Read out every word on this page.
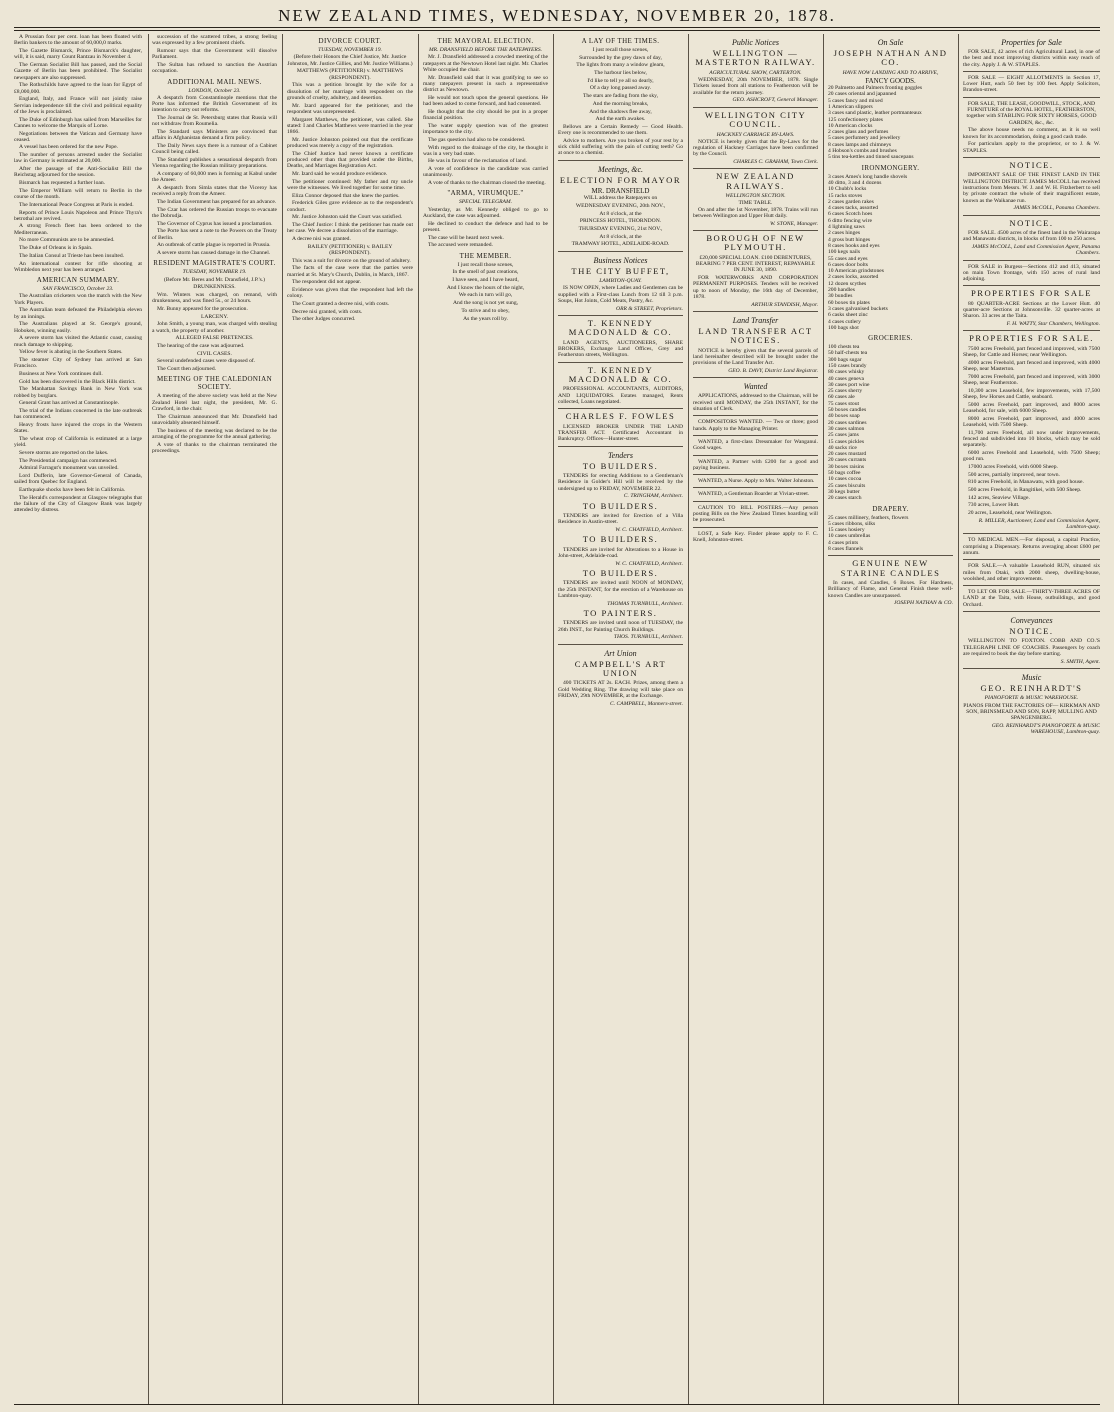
NEW ZEALAND TIMES, WEDNESDAY, NOVEMBER 20, 1878.

A Prussian four per cent. loan has been floated with Berlin bankers to the amount of 60,000,0 marks.

The Gazette Bismarck, Prince Bismarck's daughter, will, it is said, marry Count Rantzau in November 4.

The German Socialist Bill has passed, and the Social Gazette of Berlin has been prohibited. The Socialist newspapers are also suppressed.

The Rothschilds have agreed to the loan for Egypt of £8,000,000.

England, Italy, and France will not jointly raise Servian independence till the civil and political equality of the Jews is proclaimed.

The Duke of Edinburgh has sailed from Marseilles for Cannes to welcome the Marquis of Lorne.

Negotiations between the Vatican and Germany have ceased.

A vessel has been ordered for the new Pope.

The number of persons arrested under the Socialist law in Germany is estimated at 20,000.

After the passage of the Anti-Socialist Bill the Reichstag adjourned for the session.

Bismarck has requested a further loan.

The Emperor William will return to Berlin in the course of the month.

The International Peace Congress at Paris is ended.

Reports of Prince Louis Napoleon and Prince Thyra's betrothal are revived.

A strong French fleet has been ordered to the Mediterranean.

No more Communists are to be amnestied.

The Duke of Orleans is in Spain.

The Italian Consul at Trieste has been insulted.

An international contest for rifle shooting at Wimbledon next year has been arranged.

AMERICAN SUMMARY.
SAN FRANCISCO, October 23.

The Australian cricketers won the match with the New York Players.

The Australian team defeated the Philadelphia eleven by an innings.

The Australians played at St. George's ground, Hoboken, winning easily.

A severe storm has visited the Atlantic coast, causing much damage to shipping.

Yellow fever is abating in the Southern States.

The steamer City of Sydney has arrived at San Francisco.

Business at New York continues dull.

Gold has been discovered in the Black Hills district.

The Manhattan Savings Bank in New York was robbed by burglars.

General Grant has arrived at Constantinople.

The trial of the Indians concerned in the late outbreak has commenced.

Heavy frosts have injured the crops in the Western States.

The wheat crop of California is estimated at a large yield.

Severe storms are reported on the lakes.

The Presidential campaign has commenced.

Admiral Farragut's monument was unveiled.

Lord Dufferin, late Governor-General of Canada, sailed from Quebec for England.

Earthquake shocks have been felt in California.

The Herald's correspondent at Glasgow telegraphs that the failure of the City of Glasgow Bank was largely attended by distress.

succession of the scattered tribes, a strong feeling was expressed by a few prominent chiefs.

Rumour says that the Government will dissolve Parliament.

The Sultan has refused to sanction the Austrian occupation.

ADDITIONAL MAIL NEWS.
LONDON, October 23.

A despatch from Constantinople mentions that the Porte has informed the British Government of its intention to carry out reforms.

The Journal de St. Petersburg states that Russia will not withdraw from Roumelia.

The Standard says Ministers are convinced that affairs in Afghanistan demand a firm policy.

The Daily News says there is a rumour of a Cabinet Council being called.

The Standard publishes a sensational despatch from Vienna regarding the Russian military preparations.

A company of 60,000 men is forming at Kabul under the Ameer.

A despatch from Simla states that the Viceroy has received a reply from the Ameer.

The Indian Government has prepared for an advance.

The Czar has ordered the Russian troops to evacuate the Dobrudja.

The Governor of Cyprus has issued a proclamation.

The Porte has sent a note to the Powers on the Treaty of Berlin.

An outbreak of cattle plague is reported in Prussia.

A severe storm has caused damage in the Channel.

RESIDENT MAGISTRATE'S COURT.
TUESDAY, NOVEMBER 19.

(Before Mr. Beres and Mr. Dransfield, J.P.'s.)

DRUNKENNESS.

Wm. Winters was charged, on remand, with drunkenness, and was fined 5s., or 24 hours.

Mr. Bunny appeared for the prosecution.

LARCENY.

John Smith, a young man, was charged with stealing a watch, the property of another.

ALLEGED FALSE PRETENCES.

The hearing of the case was adjourned.

CIVIL CASES.

Several undefended cases were disposed of.

The Court then adjourned.

MEETING OF THE CALEDONIAN SOCIETY.

A meeting of the above society was held at the New Zealand Hotel last night, the president, Mr. G. Crawford, in the chair.

The Chairman announced that Mr. Dransfield had unavoidably absented himself.

The business of the meeting was declared to be the arranging of the programme for the annual gathering.

A vote of thanks to the chairman terminated the proceedings.

DIVORCE COURT.
TUESDAY, NOVEMBER 19.

(Before their Honors the Chief Justice, Mr. Justice Johnston, Mr. Justice Gillies, and Mr. Justice Williams.)

MATTHEWS (PETITIONER) v. MATTHEWS (RESPONDENT).

This was a petition brought by the wife for a dissolution of her marriage with respondent on the grounds of cruelty, adultery, and desertion.

Mr. Izard appeared for the petitioner, and the respondent was unrepresented.

Margaret Matthews, the petitioner, was called. She stated: I and Charles Matthews were married in the year 1866.

Mr. Justice Johnston pointed out that the certificate produced was merely a copy of the registration.

The Chief Justice had never known a certificate produced other than that provided under the Births, Deaths, and Marriages Registration Act.

Mr. Izard said he would produce evidence.

The petitioner continued: My father and my uncle were the witnesses. We lived together for some time.

Eliza Connor deposed that she knew the parties.

Frederick Giles gave evidence as to the respondent's conduct.

Mr. Justice Johnston said the Court was satisfied.

The Chief Justice: I think the petitioner has made out her case. We decree a dissolution of the marriage.

A decree nisi was granted.

BAILEY (PETITIONER) v. BAILEY (RESPONDENT).

This was a suit for divorce on the ground of adultery.

The facts of the case were that the parties were married at St. Mary's Church, Dublin, in March, 1867.

The respondent did not appear.

Evidence was given that the respondent had left the colony.

The Court granted a decree nisi, with costs.

Decree nisi granted, with costs.

The other Judges concurred.

THE MAYORAL ELECTION.
MR. DRANSFIELD BEFORE THE RATEPAYERS.

Mr. J. Dransfield addressed a crowded meeting of the ratepayers at the Newtown Hotel last night. Mr. Charles White occupied the chair.

Mr. Dransfield said that it was gratifying to see so many ratepayers present in such a representative district as Newtown.

He would not touch upon the general questions. He had been asked to come forward, and had consented.

He thought that the city should be put in a proper financial position.

The water supply question was of the greatest importance to the city.

The gas question had also to be considered.

With regard to the drainage of the city, he thought it was in a very bad state.

He was in favour of the reclamation of land.

A vote of confidence in the candidate was carried unanimously.

A vote of thanks to the chairman closed the meeting.

"ARMA, VIRUMQUE."
SPECIAL TELEGRAM.

Yesterday, as Mr. Kennedy obliged to go to Auckland, the case was adjourned.

He declined to conduct the defence and had to be present.

The case will be heard next week.

The accused were remanded.

THE MEMBER.

I just recall those scenes,

In the smell of past creations,

I have seen, and I have heard,

And I know the hours of the night,

We each in turn will go,

And the song is not yet sung,

To strive and to obey,

As the years roll by.

A LAY OF THE TIMES.

I just recall those scenes,

Surrounded by the grey dawn of day,

The lights from many a window gleam,

The harbour lies below,

I'd like to tell ye all so dearly,

Of a day long passed away.

The stars are fading from the sky,

And the morning breaks,

And the shadows flee away,

And the earth awakes.

Bellows are a Certain Remedy — Good Health. Every one is recommended to use them.

Advice to mothers. Are you broken of your rest by a sick child suffering with the pain of cutting teeth? Go at once to a chemist.

Meetings, &c.
ELECTION FOR MAYOR
MR. DRANSFIELD

WILL address the Ratepayers on

WEDNESDAY EVENING, 20th NOV.,

At 8 o'clock, at the

PRINCESS HOTEL, THORNDON.

THURSDAY EVENING, 21st NOV.,

At 8 o'clock, at the

TRAMWAY HOTEL, ADELAIDE-ROAD.

Business Notices
THE CITY BUFFET,
LAMBTON-QUAY.

IS NOW OPEN, where Ladies and Gentlemen can be supplied with a First-class Lunch from 12 till 3 p.m. Soups, Hot Joints, Cold Meats, Pastry, &c.

ORR & STREET, Proprietors.

T. KENNEDY MACDONALD & CO.

LAND AGENTS, AUCTIONEERS, SHARE BROKERS, Exchange Land Offices, Grey and Featherston streets, Wellington.

T. KENNEDY MACDONALD & CO.

PROFESSIONAL ACCOUNTANTS, AUDITORS, AND LIQUIDATORS. Estates managed, Rents collected, Loans negotiated.

CHARLES F. FOWLES

LICENSED BROKER UNDER THE LAND TRANSFER ACT. Certificated Accountant in Bankruptcy. Offices—Hunter-street.

Tenders
TO BUILDERS.

TENDERS for erecting Additions to a Gentleman's Residence in Golder's Hill will be received by the undersigned up to FRIDAY, NOVEMBER 22.

C. TRINGHAM, Architect.

TO BUILDERS.

TENDERS are invited for Erection of a Villa Residence in Austin-street.

W. C. CHATFIELD, Architect.

TO BUILDERS.

TENDERS are invited for Alterations to a House in John-street, Adelaide-road.

W. C. CHATFIELD, Architect.

TO BUILDERS.

TENDERS are invited until NOON of MONDAY, the 25th INSTANT, for the erection of a Warehouse on Lambton-quay.

THOMAS TURNBULL, Architect.

TO PAINTERS.

TENDERS are invited until noon of TUESDAY, the 26th INST., for Painting Church Buildings.

THOS. TURNBULL, Architect.

Art Union
CAMPBELL'S ART UNION

400 TICKETS AT 2s. EACH. Prizes, among them a Gold Wedding Ring. The drawing will take place on FRIDAY, 29th NOVEMBER, at the Exchange.

C. CAMPBELL, Manners-street.

Public Notices
WELLINGTON — MASTERTON RAILWAY.
AGRICULTURAL SHOW, CARTERTON.

WEDNESDAY, 20th NOVEMBER, 1878. Single Tickets issued from all stations to Featherston will be available for the return journey.

GEO. ASHCROFT, General Manager.

WELLINGTON CITY COUNCIL.
HACKNEY CARRIAGE BY-LAWS.

NOTICE is hereby given that the By-Laws for the regulation of Hackney Carriages have been confirmed by the Council.

CHARLES C. GRAHAM, Town Clerk.

NEW ZEALAND RAILWAYS.
WELLINGTON SECTION.
TIME TABLE.

On and after the 1st November, 1878. Trains will run between Wellington and Upper Hutt daily.

W. STONE, Manager.

BOROUGH OF NEW PLYMOUTH.

£20,000 SPECIAL LOAN. £100 DEBENTURES, BEARING 7 PER CENT. INTEREST, REPAYABLE IN JUNE 30, 1890.

FOR WATERWORKS AND CORPORATION PERMANENT PURPOSES. Tenders will be received up to noon of Monday, the 16th day of December, 1878.

ARTHUR STANDISH, Mayor.

Land Transfer
LAND TRANSFER ACT NOTICES.

NOTICE is hereby given that the several parcels of land hereinafter described will be brought under the provisions of the Land Transfer Act.

GEO. B. DAVY, District Land Registrar.

Wanted

APPLICATIONS, addressed to the Chairman, will be received until MONDAY, the 25th INSTANT, for the situation of Clerk.

COMPOSITORS WANTED. — Two or three; good hands. Apply to the Managing Printer.

WANTED, a first-class Dressmaker for Wanganui. Good wages.

WANTED, a Partner with £200 for a good and paying business.

WANTED, a Nurse. Apply to Mrs. Walter Johnston.

WANTED, a Gentleman Boarder at Vivian-street.

CAUTION TO BILL POSTERS.—Any person posting Bills on the New Zealand Times hoarding will be prosecuted.

LOST, a Safe Key. Finder please apply to F. C. Knell, Johnston-street.

On Sale
JOSEPH NATHAN AND CO.
HAVE NOW LANDING AND TO ARRIVE,
FANCY GOODS.
20 Palmetto and Palmers fronting goggles
20 cases oriental and japanned
5 cases fancy and mixed
1 American slippers
3 cases sand plastic, leather portmanteaux
125 confectionery plates
10 American clocks
2 cases glass and perfumes
5 cases perfumery and jewellery
8 cases lamps and chimneys
4 Hobson's combs and brushes
5 tins tea-kettles and tinned saucepans
IRONMONGERY.
3 cases Ames's long handle shovels
40 ditto, 3 and 4 dozens
10 Chubb's locks
15 racks stoves
2 cases garden rakes
4 cases tacks, assorted
6 cases Scotch hoes
6 ditto fencing wire
4 lightning saws
2 cases hinges
4 gross butt hinges
8 cases hooks and eyes
100 kegs nails
55 cases and eyes
6 cases door bolts
10 American grindstones
2 cases locks, assorted
12 dozen scythes
200 handles
30 bundles
60 boxes tin plates
3 cases galvanised buckets
6 casks sheet zinc
4 cases cutlery
100 bags shot
GROCERIES.
100 chests tea
50 half-chests tea
300 bags sugar
150 cases brandy
80 cases whisky
40 cases geneva
30 cases port wine
25 cases sherry
60 cases ale
75 cases stout
50 boxes candles
40 boxes soap
20 cases sardines
30 cases salmon
25 cases jams
15 cases pickles
40 sacks rice
20 cases mustard
20 cases currants
30 boxes raisins
50 bags coffee
10 cases cocoa
25 cases biscuits
30 kegs butter
20 cases starch
DRAPERY.
25 cases millinery, feathers, flowers
5 cases ribbons, silks
15 cases hosiery
10 cases umbrellas
4 cases prints
8 cases flannels
GENUINE NEW STARINE CANDLES

In cases, and Candles, 6 Boxes. For Hardness, Brilliancy of Flame, and General Finish these well-known Candles are unsurpassed.

JOSEPH NATHAN & CO.

Properties for Sale

FOR SALE, 42 acres of rich Agricultural Land, in one of the best and most improving districts within easy reach of the city. Apply J. & W. STAPLES.

FOR SALE — EIGHT ALLOTMENTS in Section 17, Lower Hutt, each 50 feet by 100 feet. Apply Solicitors, Brandon-street.

FOR SALE, THE LEASE, GOODWILL, STOCK, AND FURNITURE of the ROYAL HOTEL, FEATHERSTON, together with STABLING FOR SIXTY HORSES, GOOD GARDEN, &c., &c.

The above house needs no comment, as it is so well known for its accommodation, doing a good cash trade.

For particulars apply to the proprietor, or to J. & W. STAPLES.

NOTICE.

IMPORTANT SALE OF THE FINEST LAND IN THE WELLINGTON DISTRICT. JAMES McCOLL has received instructions from Messrs. W. J. and W. H. Fitzherbert to sell by private contract the whole of their magnificent estate, known as the Waikanae run.

JAMES McCOLL, Panama Chambers.

NOTICE.

FOR SALE. 4500 acres of the finest land in the Wairarapa and Manawatu districts, in blocks of from 100 to 250 acres.

JAMES McCOLL, Land and Commission Agent, Panama Chambers.

FOR SALE in Burgess—Sections 412 and 413, situated on main Town frontage, with 150 acres of rural land adjoining.

PROPERTIES FOR SALE

80 QUARTER-ACRE Sections at the Lower Hutt. 40 quarter-acre Sections at Johnsonville. 32 quarter-acres at Sharon. 33 acres at the Taita.

F. H. WATTY, Star Chambers, Wellington.

PROPERTIES FOR SALE.

7500 acres Freehold, part fenced and improved, with 7500 Sheep, for Cattle and Horses; near Wellington.

4000 acres Freehold, part fenced and improved, with 4000 Sheep, near Masterton.

7000 acres Freehold, part fenced and improved, with 3000 Sheep, near Featherston.

10,300 acres Leasehold, few improvements, with 17,500 Sheep, few Horses and Cattle, seaboard.

5000 acres Freehold, part improved, and 8000 acres Leasehold, for sale, with 6000 Sheep.

8000 acres Freehold, part improved, and 4000 acres Leasehold, with 7500 Sheep.

11,700 acres Freehold, all now under improvements, fenced and subdivided into 10 blocks, which may be sold separately.

6000 acres Freehold and Leasehold, with 7500 Sheep; good run.

17000 acres Freehold, with 6000 Sheep.

500 acres, partially improved, near town.

810 acres Freehold, in Manawatu, with good house.

500 acres Freehold, in Rangitikei, with 500 Sheep.

142 acres, Seaview Village.

730 acres, Lower Hutt.

20 acres, Leasehold, near Wellington.

R. MILLER, Auctioneer, Land and Commission Agent, Lambton-quay.

TO MEDICAL MEN.—For disposal, a capital Practice, comprising a Dispensary. Returns averaging about £600 per annum.

FOR SALE.—A valuable Leasehold RUN, situated six miles from Otaki, with 2000 sheep, dwelling-house, woolshed, and other improvements.

TO LET OR FOR SALE.—THIRTY-THREE ACRES OF LAND at the Taita, with House, outbuildings, and good Orchard.

Conveyances
NOTICE.

WELLINGTON TO FOXTON. COBB AND CO.'S TELEGRAPH LINE OF COACHES. Passengers by coach are required to book the day before starting.

S. SMITH, Agent.

Music
GEO. REINHARDT'S
PIANOFORTE & MUSIC WAREHOUSE.

PIANOS FROM THE FACTORIES OF— KIRKMAN AND SON, BRINSMEAD AND SON, RAPP, MULLING AND SPANGENBERG.

GEO. REINHARDT'S PIANOFORTE & MUSIC WAREHOUSE, Lambton-quay.
